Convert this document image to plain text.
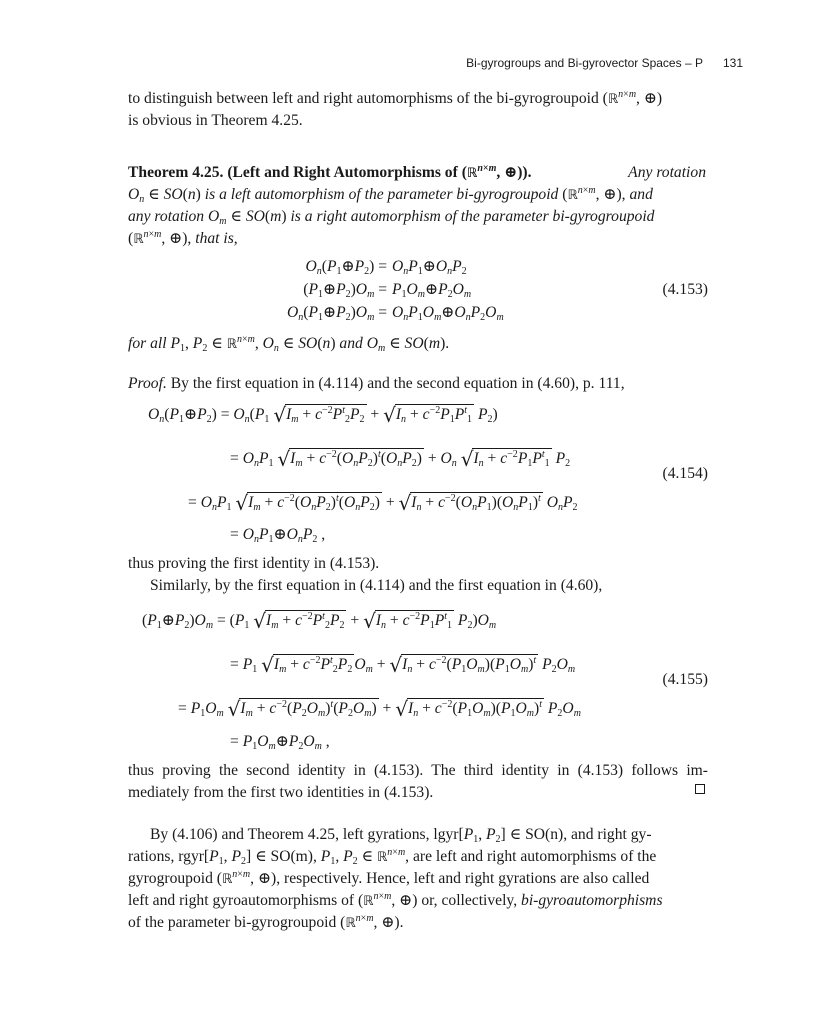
Bi-gyrogroups and Bi-gyrovector Spaces – P 131
to distinguish between left and right automorphisms of the bi-gyrogroupoid (ℝ$^{n\times m}$, ⊕)
is obvious in Theorem 4.25.
Theorem 4.25. (Left and Right Automorphisms of (ℝ$^{n\times m}$, ⊕)).	Any rotation
$O_n$ ∈ SO(n) is a left automorphism of the parameter bi-gyrogroupoid (ℝ$^{n\times m}$, ⊕), and
any rotation $O_m$ ∈ SO(m) is a right automorphism of the parameter bi-gyrogroupoid
(ℝ$^{n\times m}$, ⊕), that is,
$O_n(P_1\oplus P_2)$ = $O_nP_1\oplus O_nP_2$
$(P_1\oplus P_2)O_m$ = $P_1O_m\oplus P_2O_m$	(4.153)
$O_n(P_1\oplus P_2)O_m$ = $O_nP_1O_m\oplus O_nP_2O_m$
for all $P_1$, $P_2$ ∈ ℝ$^{n\times m}$, $O_n$ ∈ SO(n) and $O_m$ ∈ SO(m).
Proof. By the first equation in (4.114) and the second equation in (4.60), p. 111,
$O_n(P_1\oplus P_2) = O_n(P_1$ $√I_m + c^{-2}P^t_2P_2 + √I_n + c^{-2}P_1P^t_1$ $P_2$)
= $O_nP_1$ $√I_m + c^{-2}(O_nP_2)^t(O_nP_2) + O_n$ $√I_n + c^{-2}P_1P^t_1$ $P_2$
(4.154)
= $O_nP_1$ $√I_m + c^{-2}(O_nP_2)^t(O_nP_2) + √I_n + c^{-2}(O_nP_1)(O_nP_1)^t$ $O_nP_2$
= $O_nP_1\oplus O_nP_2$ ,
thus proving the first identity in (4.153).
Similarly, by the first equation in (4.114) and the first equation in (4.60),
$(P_1\oplus P_2)O_m = (P_1$ $√I_m + c^{-2}P^t_2P_2 + √I_n + c^{-2}P_1P^t_1$ $P_2)O_m$
= $P_1$ $√I_m + c^{-2}P^t_2P_2$ $O_m + √I_n + c^{-2}(P_1O_m)(P_1O_m)^t$ $P_2O_m$
(4.155)
= $P_1O_m$ $√I_m + c^{-2}(P_2O_m)^t(P_2O_m) + √I_n + c^{-2}(P_1O_m)(P_1O_m)^t$ $P_2O_m$
= $P_1O_m\oplus P_2O_m$ ,
thus proving the second identity in (4.153). The third identity in (4.153) follows im-
mediately from the first two identities in (4.153).
By (4.106) and Theorem 4.25, left gyrations, $lgyr[P_1$, $P_2$] ∈ SO(n), and right gy-
rations, $rgyr[P_1$, $P_2$] ∈ SO(m), $P_1$, $P_2$ ∈ ℝ$^{n\times m}$, are left and right automorphisms of the
gyrogroupoid (ℝ$^{n\times m}$, ⊕), respectively. Hence, left and right gyrations are also called
left and right gyroautomorphisms of (ℝ$^{n\times m}$, ⊕) or, collectively, bi-gyroautomorphisms
of the parameter bi-gyrogroupoid (ℝ$^{n\times m}$, ⊕).
